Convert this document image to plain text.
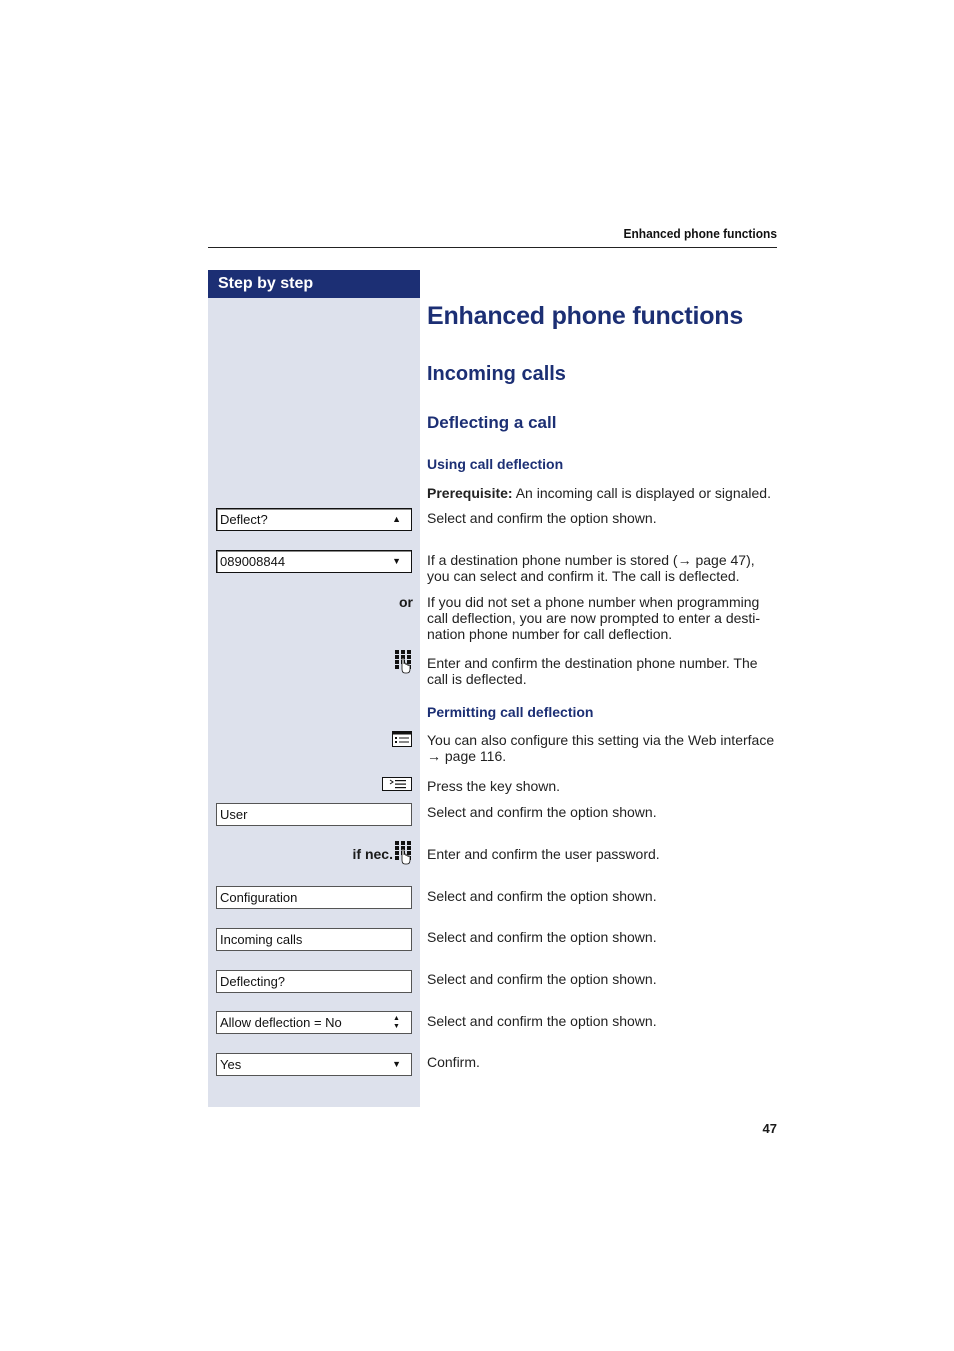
Enhanced phone functions
Step by step
Enhanced phone functions
Incoming calls
Deflecting a call
Using call deflection
Prerequisite: An incoming call is displayed or signaled.
Deflect?	▲ Select and confirm the option shown.
089008844	▼ If a destination phone number is stored (→ page 47),
you can select and confirm it. The call is deflected.
or If you did not set a phone number when programming
call deflection, you are now prompted to enter a desti-
nation phone number for call deflection.
Enter and confirm the destination phone number. The
call is deflected.
Permitting call deflection
You can also configure this setting via the Web interface
→ page 116.
Press the key shown.
User	Select and confirm the option shown.
if nec. Enter and confirm the user password.
Configuration	Select and confirm the option shown.
Incoming calls	Select and confirm the option shown.
Deflecting?	Select and confirm the option shown.
Allow deflection = No	▲▼ Select and confirm the option shown.
Yes	▼ Confirm.
47
